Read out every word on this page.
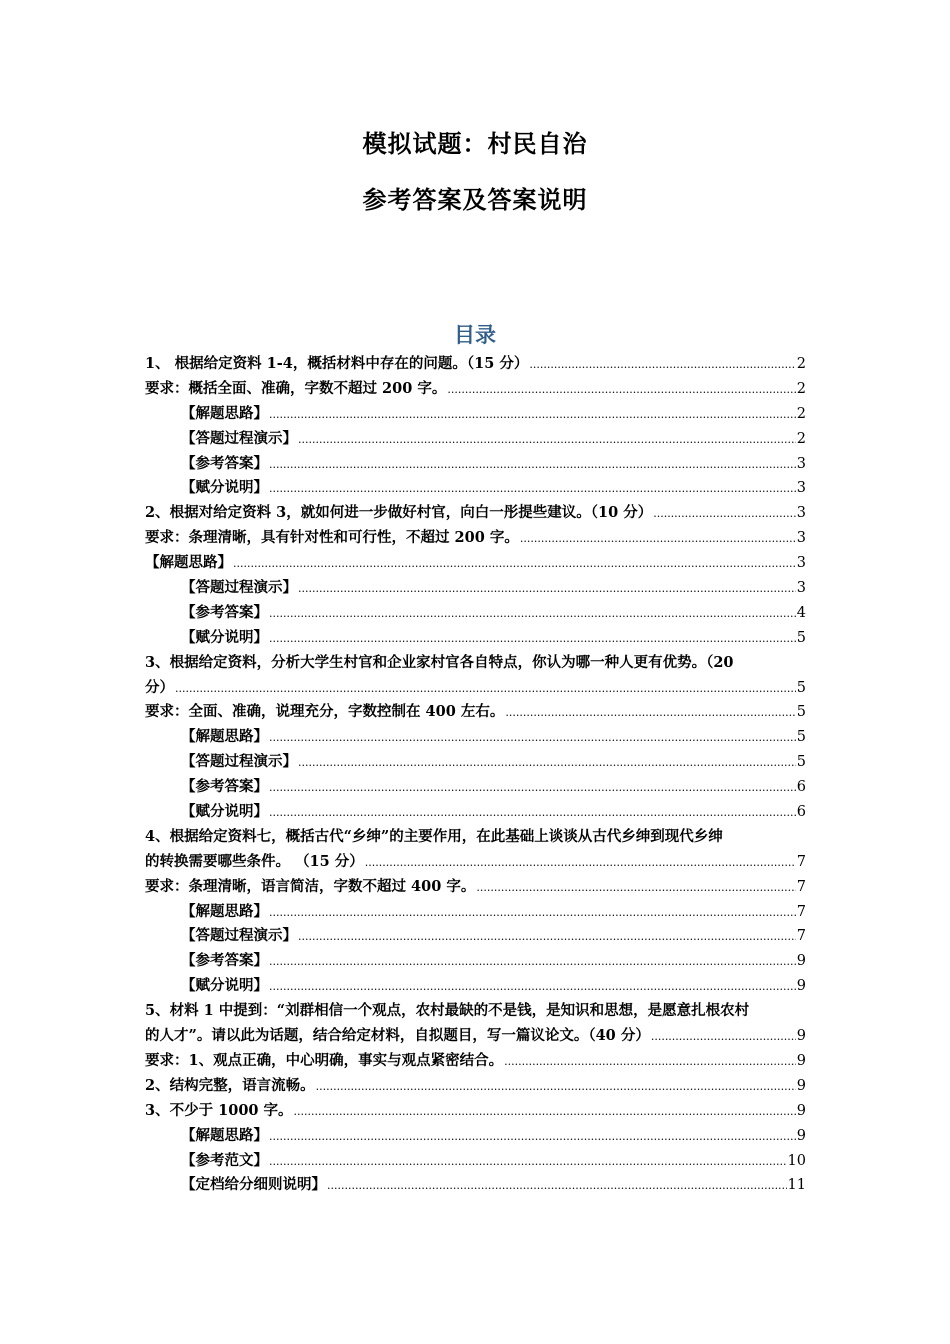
模拟试题：村民自治
参考答案及答案说明
目录
1、 根据给定资料 1-4，概括材料中存在的问题。（15 分） .....	2
要求：概括全面、准确，字数不超过 200 字。 .....	2
【解题思路】 .....	2
【答题过程演示】 .....	2
【参考答案】 .....	3
【赋分说明】 .....	3
2、根据对给定资料 3，就如何进一步做好村官，向白一彤提些建议。（10 分） .....	3
要求：条理清晰，具有针对性和可行性，不超过 200 字。 .....	3
【解题思路】 .....	3
【答题过程演示】 .....	3
【参考答案】 .....	4
【赋分说明】 .....	5
3、根据给定资料，分析大学生村官和企业家村官各自特点，你认为哪一种人更有优势。（20
分） .....	5
要求：全面、准确，说理充分，字数控制在 400 左右。 .....	5
【解题思路】 .....	5
【答题过程演示】 .....	5
【参考答案】 .....	6
【赋分说明】 .....	6
4、根据给定资料七，概括古代“乡绅”的主要作用，在此基础上谈谈从古代乡绅到现代乡绅
的转换需要哪些条件。 （15 分） .....	7
要求：条理清晰，语言简洁，字数不超过 400 字。 .....	7
【解题思路】 .....	7
【答题过程演示】 .....	7
【参考答案】 .....	9
【赋分说明】 .....	9
5、材料 1 中提到：“刘群相信一个观点，农村最缺的不是钱，是知识和思想，是愿意扎根农村
的人才”。请以此为话题，结合给定材料，自拟题目，写一篇议论文。（40 分） .....	9
要求：1、观点正确，中心明确，事实与观点紧密结合。 .....	9
2、结构完整，语言流畅。 .....	9
3、不少于 1000 字。 .....	9
【解题思路】 .....	9
【参考范文】 .....	10
【定档给分细则说明】 .....	11
